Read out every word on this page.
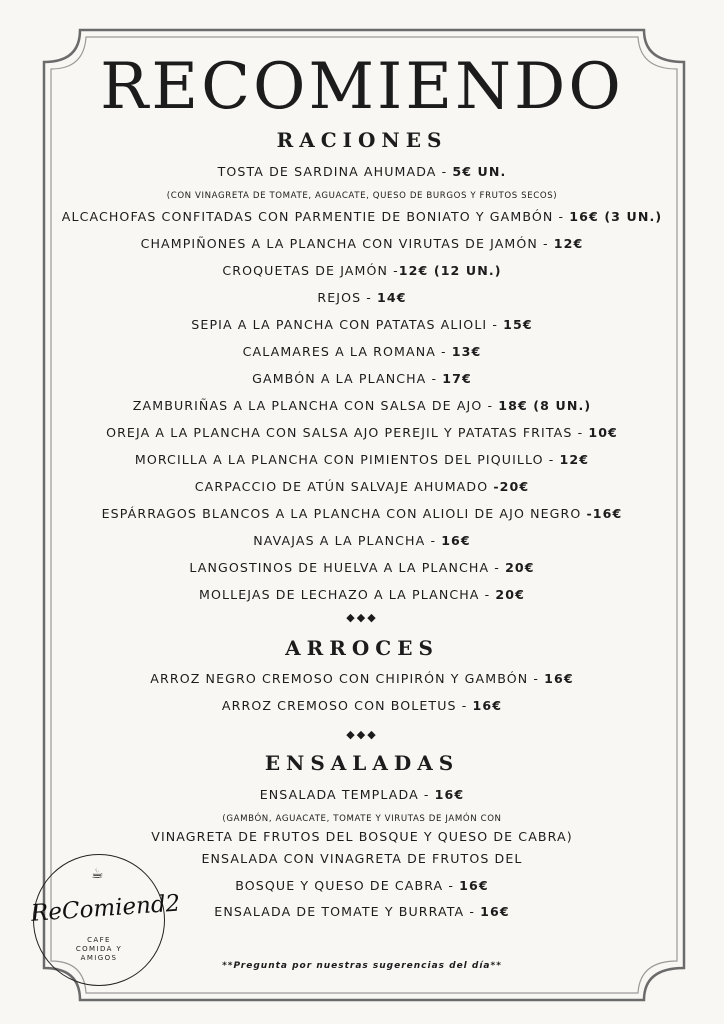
RECOMIENDO
RACIONES
TOSTA DE SARDINA AHUMADA - 5€ UN.
(CON VINAGRETA DE TOMATE, AGUACATE, QUESO DE BURGOS Y FRUTOS SECOS)
ALCACHOFAS CONFITADAS CON PARMENTIE DE BONIATO Y GAMBÓN - 16€ (3 UN.)
CHAMPIÑONES A LA PLANCHA CON VIRUTAS DE JAMÓN - 12€
CROQUETAS DE JAMÓN -12€ (12 UN.)
REJOS - 14€
SEPIA A LA PANCHA CON PATATAS ALIOLI - 15€
CALAMARES A LA ROMANA - 13€
GAMBÓN A LA PLANCHA - 17€
ZAMBURIÑAS A LA PLANCHA CON SALSA DE AJO - 18€ (8 UN.)
OREJA A LA PLANCHA CON SALSA AJO PEREJIL Y PATATAS FRITAS - 10€
MORCILLA A LA PLANCHA CON PIMIENTOS DEL PIQUILLO - 12€
CARPACCIO DE ATÚN SALVAJE AHUMADO -20€
ESPÁRRAGOS BLANCOS A LA PLANCHA CON ALIOLI DE AJO NEGRO -16€
NAVAJAS A LA PLANCHA - 16€
LANGOSTINOS DE HUELVA A LA PLANCHA - 20€
MOLLEJAS DE LECHAZO A LA PLANCHA - 20€
◆◆◆
ARROCES
ARROZ NEGRO CREMOSO CON CHIPIRÓN Y GAMBÓN - 16€
ARROZ CREMOSO CON BOLETUS - 16€
◆◆◆
ENSALADAS
ENSALADA TEMPLADA - 16€
(GAMBÓN, AGUACATE, TOMATE Y VIRUTAS DE JAMÓN CON
VINAGRETA DE FRUTOS DEL BOSQUE Y QUESO DE CABRA)
ENSALADA CON VINAGRETA DE FRUTOS DEL
BOSQUE Y QUESO DE CABRA - 16€
ENSALADA DE TOMATE Y BURRATA - 16€
☕
ReComiend2
CAFE
COMIDA Y
AMIGOS
**Pregunta por nuestras sugerencias del día**
